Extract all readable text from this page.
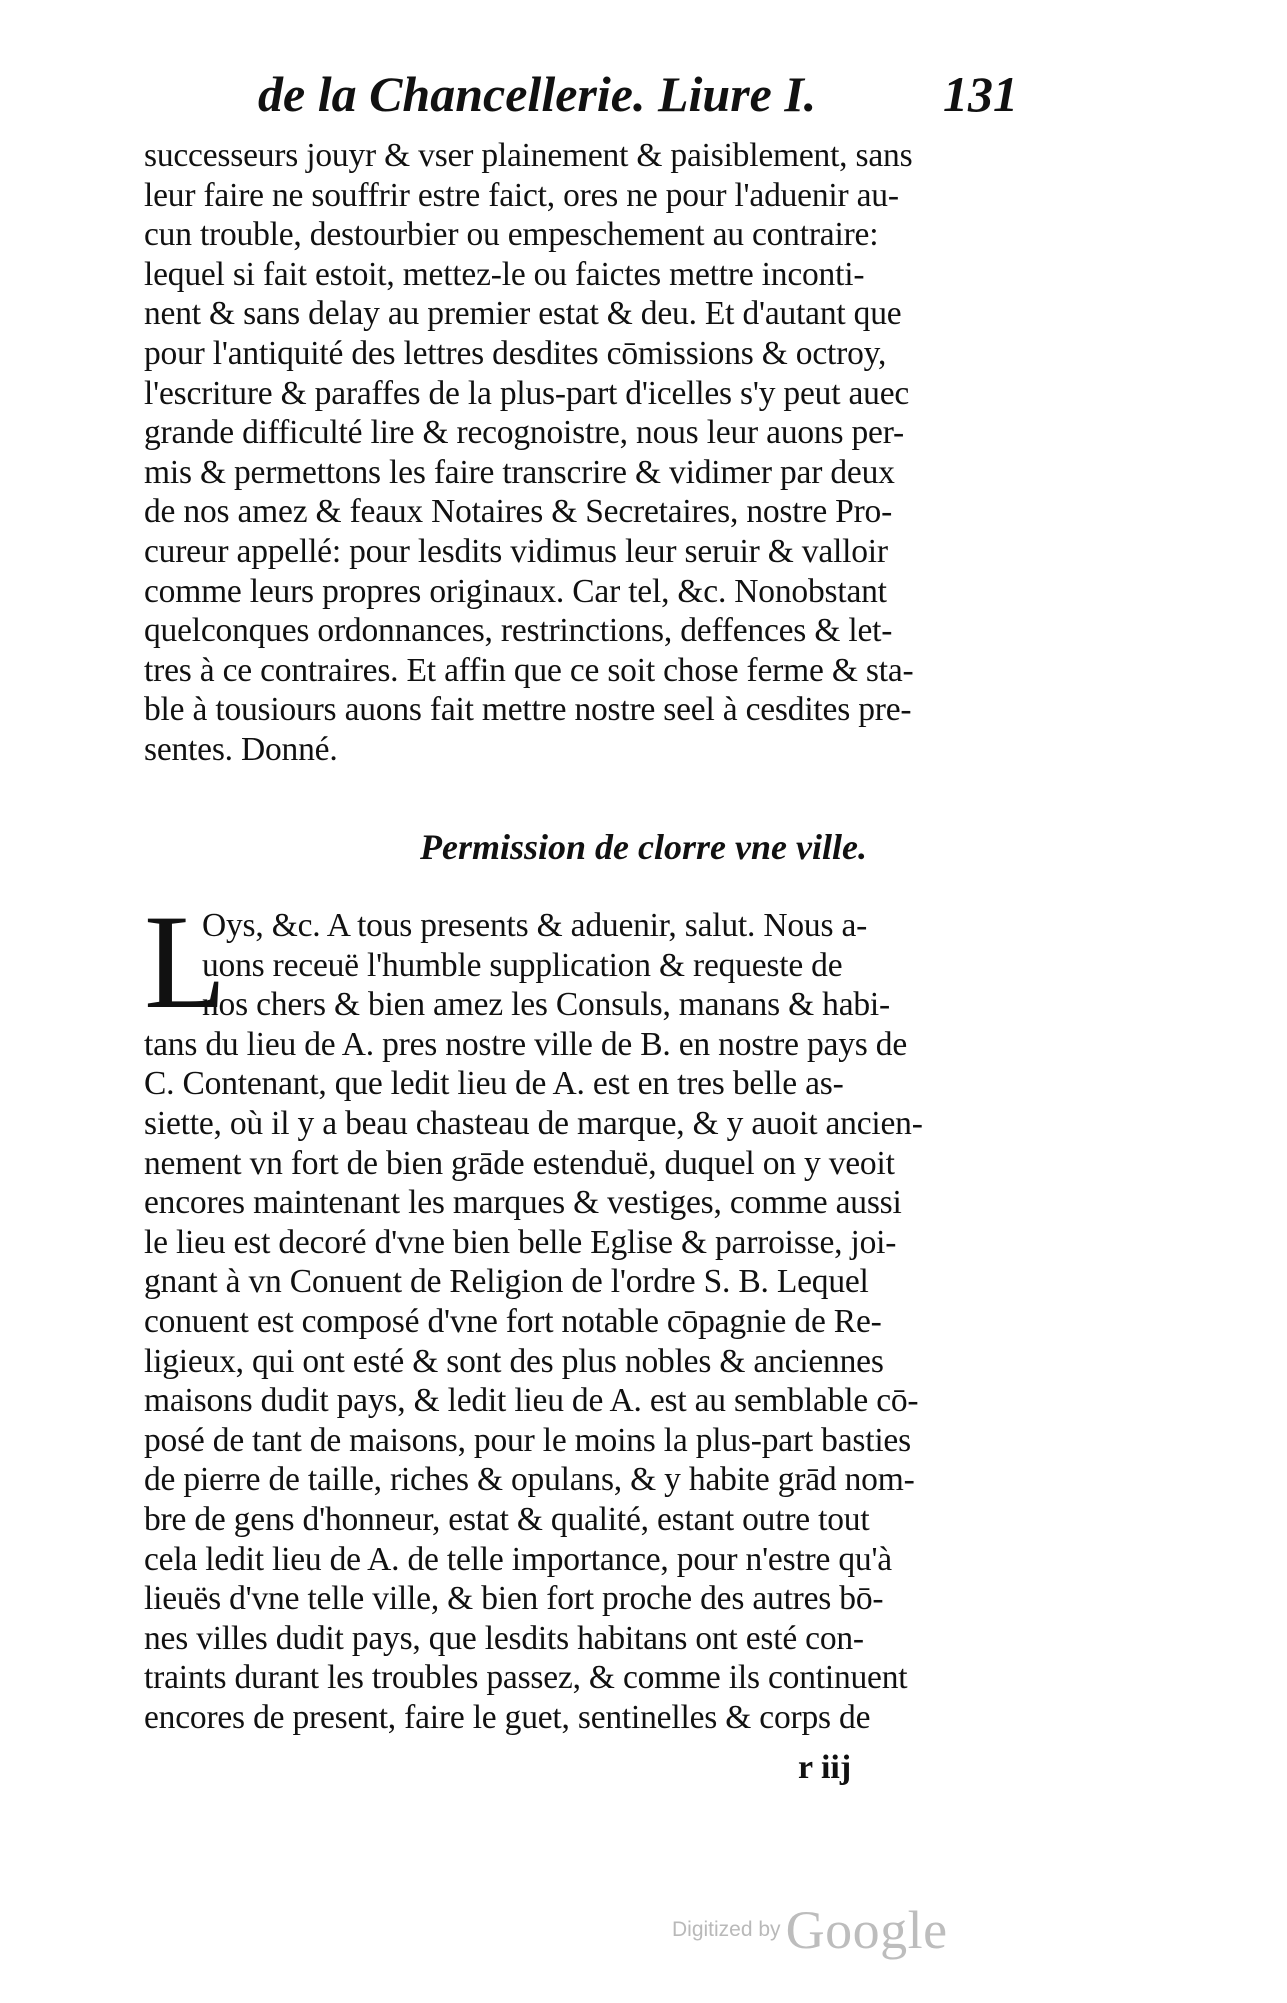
de la Chancellerie. Liure I.	131
successeurs jouyr & vser plainement & paisiblement, sans
leur faire ne souffrir estre faict, ores ne pour l'aduenir au-
cun trouble, destourbier ou empeschement au contraire:
lequel si fait estoit, mettez-le ou faictes mettre inconti-
nent & sans delay au premier estat & deu. Et d'autant que
pour l'antiquité des lettres desdites cōmissions & octroy,
l'escriture & paraffes de la plus-part d'icelles s'y peut auec
grande difficulté lire & recognoistre, nous leur auons per-
mis & permettons les faire transcrire & vidimer par deux
de nos amez & feaux Notaires & Secretaires, nostre Pro-
cureur appellé: pour lesdits vidimus leur seruir & valloir
comme leurs propres originaux. Car tel, &c. Nonobstant
quelconques ordonnances, restrinctions, deffences & let-
tres à ce contraires. Et affin que ce soit chose ferme & sta-
ble à tousiours auons fait mettre nostre seel à cesdites pre-
sentes. Donné.
Permission de clorre vne ville.
L
Oys, &c. A tous presents & aduenir, salut. Nous a-
uons receuë l'humble supplication & requeste de
nos chers & bien amez les Consuls, manans & habi-
tans du lieu de A. pres nostre ville de B. en nostre pays de
C. Contenant, que ledit lieu de A. est en tres belle as-
siette, où il y a beau chasteau de marque, & y auoit ancien-
nement vn fort de bien grāde estenduë, duquel on y veoit
encores maintenant les marques & vestiges, comme aussi
le lieu est decoré d'vne bien belle Eglise & parroisse, joi-
gnant à vn Conuent de Religion de l'ordre S. B. Lequel
conuent est composé d'vne fort notable cōpagnie de Re-
ligieux, qui ont esté & sont des plus nobles & anciennes
maisons dudit pays, & ledit lieu de A. est au semblable cō-
posé de tant de maisons, pour le moins la plus-part basties
de pierre de taille, riches & opulans, & y habite grād nom-
bre de gens d'honneur, estat & qualité, estant outre tout
cela ledit lieu de A. de telle importance, pour n'estre qu'à
lieuës d'vne telle ville, & bien fort proche des autres bō-
nes villes dudit pays, que lesdits habitans ont esté con-
traints durant les troubles passez, & comme ils continuent
encores de present, faire le guet, sentinelles & corps de
r iij
Digitized by Google
